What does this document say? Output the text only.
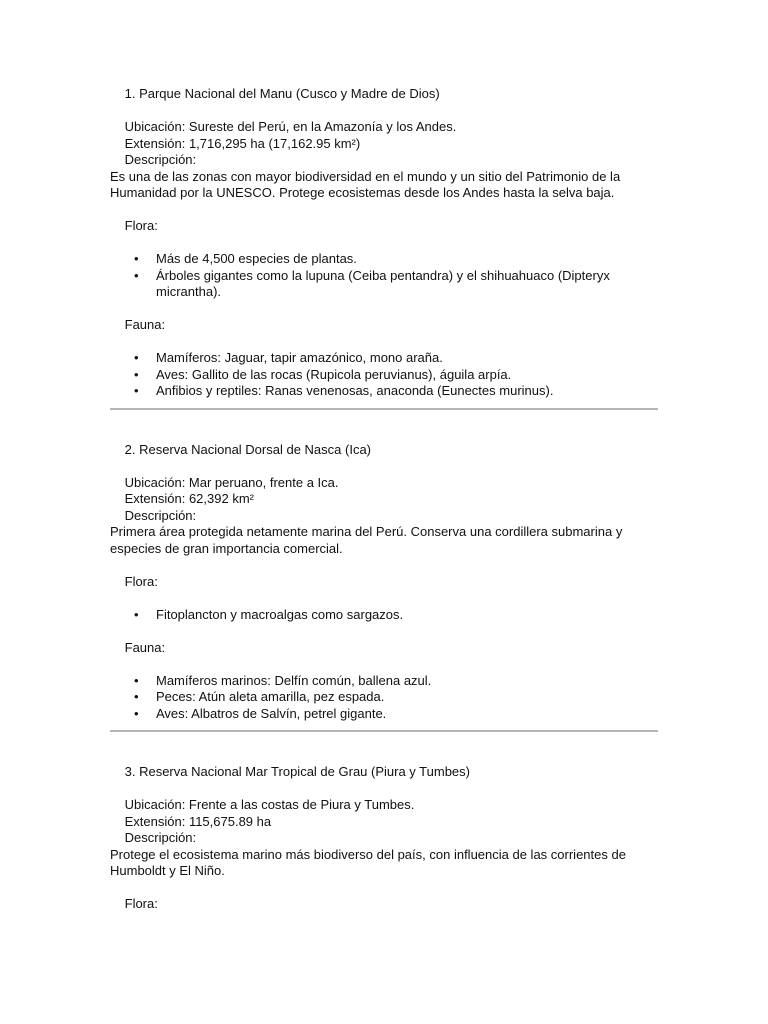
1. Parque Nacional del Manu (Cusco y Madre de Dios)

Ubicación: Sureste del Perú, en la Amazonía y los Andes.

Extensión: 1,716,295 ha (17,162.95 km²)

Descripción:

Es una de las zonas con mayor biodiversidad en el mundo y un sitio del Patrimonio de la Humanidad por la UNESCO. Protege ecosistemas desde los Andes hasta la selva baja.

Flora:

• Más de 4,500 especies de plantas.
• Árboles gigantes como la lupuna (Ceiba pentandra) y el shihuahuaco (Dipteryx micrantha).

Fauna:

• Mamíferos: Jaguar, tapir amazónico, mono araña.
• Aves: Gallito de las rocas (Rupicola peruvianus), águila arpía.
• Anfibios y reptiles: Ranas venenosas, anaconda (Eunectes murinus).

2. Reserva Nacional Dorsal de Nasca (Ica)

Ubicación: Mar peruano, frente a Ica.

Extensión: 62,392 km²

Descripción:

Primera área protegida netamente marina del Perú. Conserva una cordillera submarina y especies de gran importancia comercial.

Flora:

• Fitoplancton y macroalgas como sargazos.

Fauna:

• Mamíferos marinos: Delfín común, ballena azul.
• Peces: Atún aleta amarilla, pez espada.
• Aves: Albatros de Salvín, petrel gigante.

3. Reserva Nacional Mar Tropical de Grau (Piura y Tumbes)

Ubicación: Frente a las costas de Piura y Tumbes.

Extensión: 115,675.89 ha

Descripción:

Protege el ecosistema marino más biodiverso del país, con influencia de las corrientes de Humboldt y El Niño.

Flora:
